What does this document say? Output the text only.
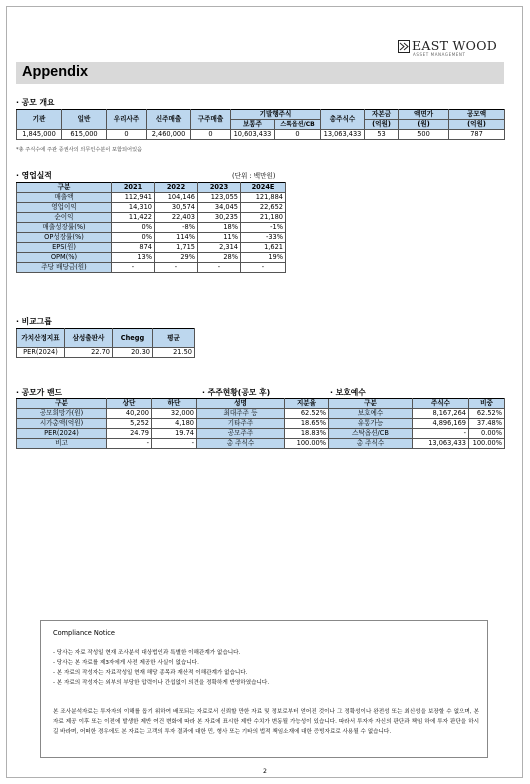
EAST WOOD
ASSET MANAGEMENT
Appendix
· 공모 개요
기관	일반	우리사주	신주매출	구주매출	기발행주식		총주식수	자본금	액면가	공모액
					보통주	스톡옵션/CB		(억원)	(원)	(억원)
1,845,000	615,000	0	2,460,000	0	10,603,433	0	13,063,433	53	500	787
*총 주식수에 주관 증권사의 의무인수분이 포함되어있음
· 영업실적	(단위 : 백만원)
구분	2021	2022	2023	2024E
매출액	112,941	104,146	123,055	121,884
영업이익	14,310	30,574	34,045	22,652
순이익	11,422	22,403	30,235	21,180
매출성장률(%)	0%	-8%	18%	-1%
OP성장률(%)	0%	114%	11%	-33%
EPS(원)	874	1,715	2,314	1,621
OPM(%)	13%	29%	28%	19%
주당 배당금(원)	-	-	-	-
· 비교그룹
가치산정지표	삼성출판사	Chegg	평균
PER(2024)	22.70	20.30	21.50
· 공모가 밴드	· 주주현황(공모 후)	· 보호예수
구분	상단	하단
공모희망가(원)	40,200	32,000
시가총액(억원)	5,252	4,180
PER(2024)	24.79	19.74
비고	-	-
성명	지분율
최대주주 등	62.52%
기타주주	18.65%
공모주주	18.83%
총 주식수	100.00%
구분	주식수	비중
보호예수	8,167,264	62.52%
유통가능	4,896,169	37.48%
스탁옵션/CB	-	0.00%
총 주식수	13,063,433	100.00%
Compliance Notice
- 당사는 자료 작성일 현재 조사분석 대상법인과 특별한 이해관계가 없습니다.
- 당사는 본 자료를 제3자에게 사전 제공한 사실이 없습니다.
- 본 자료의 작성자는 자료작성일 현재 해당 종목과 재산적 이해관계가 없습니다.
- 본 자료의 작성자는 외부의 부당한 압력이나 간섭없이 의견을 정확하게 반영하였습니다.

본 조사분석자료는 투자자의 이해를 돕기 위하여 배포되는 자료로서 신뢰할 만한 자료 및 정보로부터 얻어진 것이나 그 정확성이나 완전성 또는 최신성을 보장할 수 없으며, 본 자료 제공 이후 또는 이전에 발생한 제반 여건 변화에 따라 본 자료에 표시한 제반 수치가 변동될 가능성이 있습니다. 따라서 투자자 자신의 판단과 책임 하에 투자 판단을 하시길 바라며, 어떠한 경우에도 본 자료는 고객의 투자 결과에 대한 민, 형사 또는 기타의 법적 책임소재에 대한 증빙자료로 사용될 수 없습니다.

2
